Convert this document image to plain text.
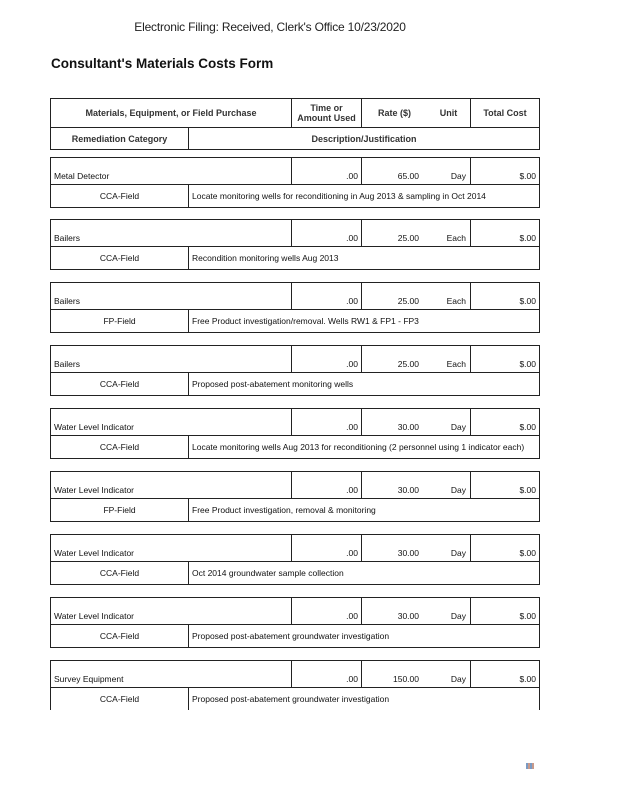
Electronic Filing: Received, Clerk's Office 10/23/2020
Consultant's Materials Costs Form
Materials, Equipment, or Field Purchase	Time or Amount Used	Rate ($)	Unit	Total Cost
Remediation Category	Description/Justification
Metal Detector	.00	65.00	Day	$.00
CCA-Field	Locate monitoring wells for reconditioning in Aug 2013 & sampling in Oct 2014
Bailers	.00	25.00	Each	$.00
CCA-Field	Recondition monitoring wells Aug 2013
Bailers	.00	25.00	Each	$.00
FP-Field	Free Product investigation/removal. Wells RW1 & FP1 - FP3
Bailers	.00	25.00	Each	$.00
CCA-Field	Proposed post-abatement monitoring wells
Water Level Indicator	.00	30.00	Day	$.00
CCA-Field	Locate monitoring wells Aug 2013 for reconditioning (2 personnel using 1 indicator each)
Water Level Indicator	.00	30.00	Day	$.00
FP-Field	Free Product investigation, removal & monitoring
Water Level Indicator	.00	30.00	Day	$.00
CCA-Field	Oct 2014 groundwater sample collection
Water Level Indicator	.00	30.00	Day	$.00
CCA-Field	Proposed post-abatement groundwater investigation
Survey Equipment	.00	150.00	Day	$.00
CCA-Field	Proposed post-abatement groundwater investigation
